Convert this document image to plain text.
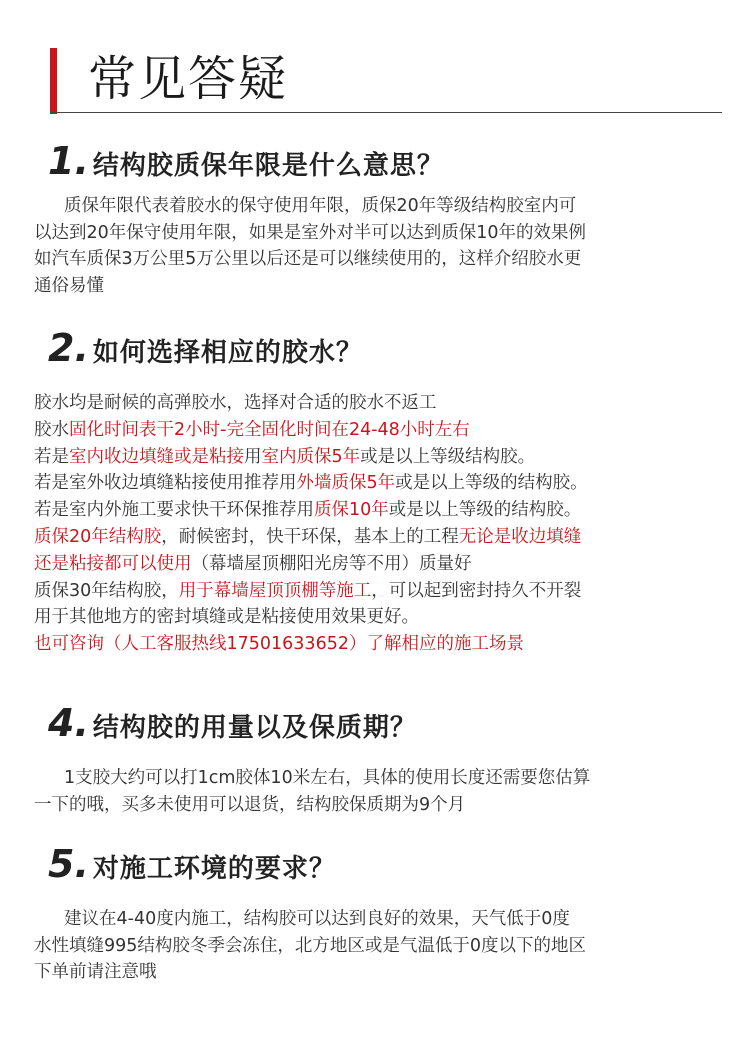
常见答疑
1. 结构胶质保年限是什么意思？
质保年限代表着胶水的保守使用年限，质保20年等级结构胶室内可
以达到20年保守使用年限，如果是室外对半可以达到质保10年的效果例
如汽车质保3万公里5万公里以后还是可以继续使用的，这样介绍胶水更
通俗易懂
2. 如何选择相应的胶水？
胶水均是耐候的高弹胶水，选择对合适的胶水不返工
胶水固化时间表干2小时-完全固化时间在24-48小时左右
若是室内收边填缝或是粘接用室内质保5年或是以上等级结构胶。
若是室外收边填缝粘接使用推荐用外墙质保5年或是以上等级的结构胶。
若是室内外施工要求快干环保推荐用质保10年或是以上等级的结构胶。
质保20年结构胶，耐候密封，快干环保，基本上的工程无论是收边填缝
还是粘接都可以使用（幕墙屋顶棚阳光房等不用）质量好
质保30年结构胶，用于幕墙屋顶顶棚等施工，可以起到密封持久不开裂
用于其他地方的密封填缝或是粘接使用效果更好。
也可咨询（人工客服热线17501633652）了解相应的施工场景
4. 结构胶的用量以及保质期？
1支胶大约可以打1cm胶体10米左右，具体的使用长度还需要您估算
一下的哦，买多未使用可以退货，结构胶保质期为9个月
5. 对施工环境的要求？
建议在4-40度内施工，结构胶可以达到良好的效果，天气低于0度
水性填缝995结构胶冬季会冻住，北方地区或是气温低于0度以下的地区
下单前请注意哦
